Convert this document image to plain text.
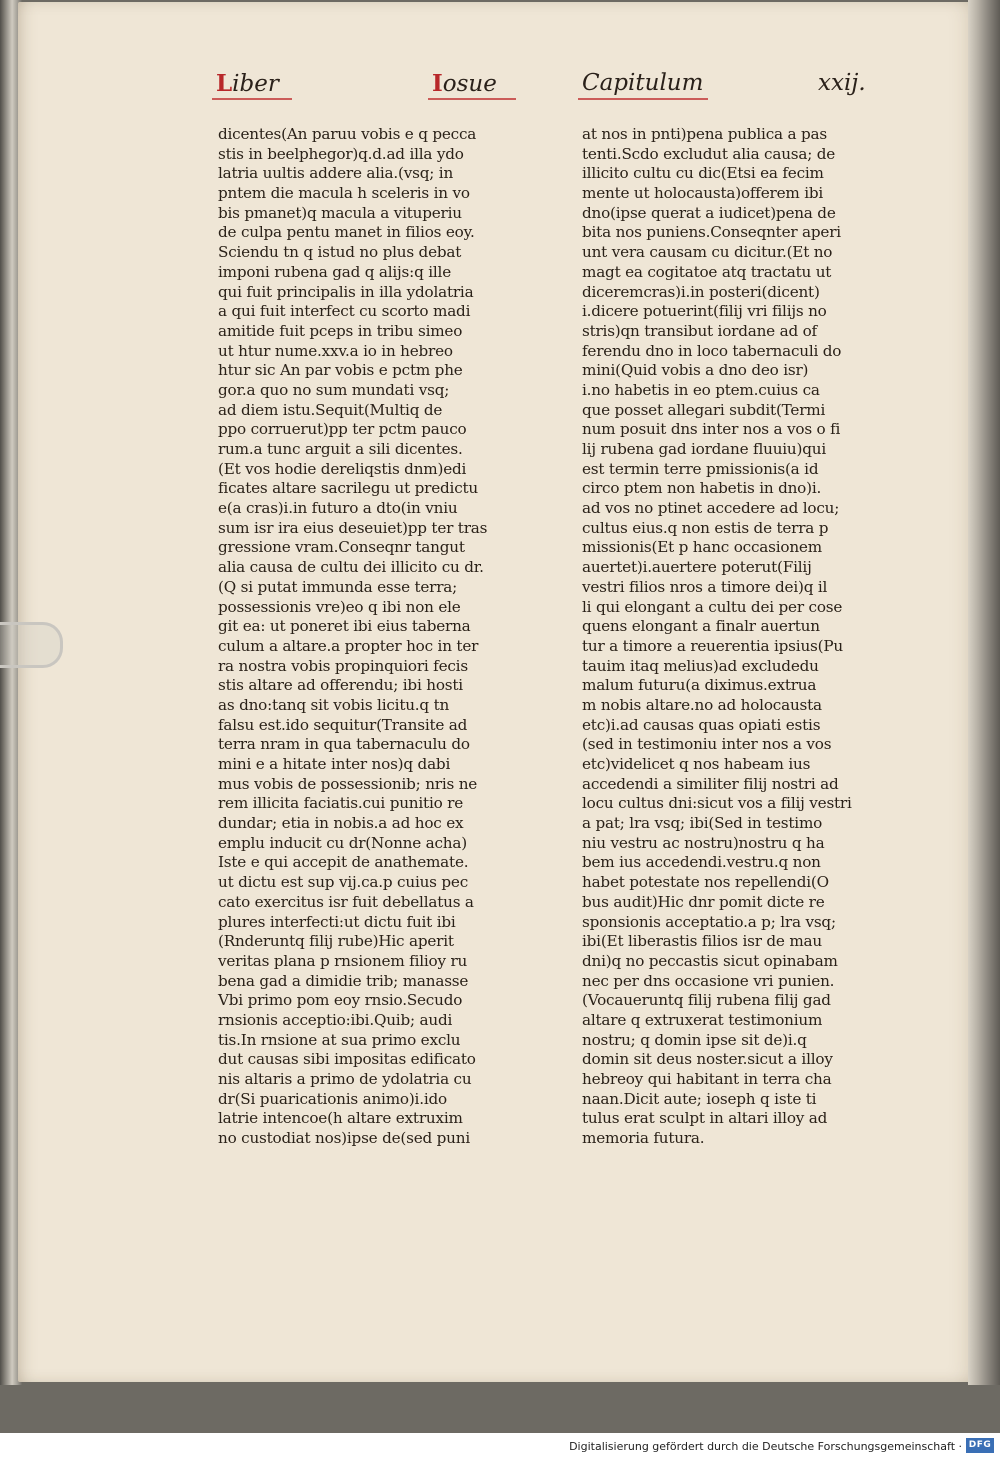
Liber	Iosue	Capitulum	xxij.
dicentes(An paruu vobis e q pecca
stis in beelphegor)q.d.ad illa ydo
latria uultis addere alia.(vsq; in
pntem die macula h sceleris in vo
bis pmanet)q macula a vituperiu
de culpa pentu manet in filios eoy.
Sciendu tn q istud no plus debat
imponi rubena gad q alijs:q ille
qui fuit principalis in illa ydolatria
a qui fuit interfect cu scorto madi
amitide fuit pceps in tribu simeo
ut htur nume.xxv.a io in hebreo
htur sic An par vobis e pctm phe
gor.a quo no sum mundati vsq;
ad diem istu.Sequit(Multiq de
ppo corruerut)pp ter pctm pauco
rum.a tunc arguit a sili dicentes.
(Et vos hodie dereliqstis dnm)edi
ficates altare sacrilegu ut predictu
e(a cras)i.in futuro a dto(in vniu
sum isr ira eius deseuiet)pp ter tras
gressione vram.Conseqnr tangut
alia causa de cultu dei illicito cu dr.
(Q si putat immunda esse terra;
possessionis vre)eo q ibi non ele
git ea: ut poneret ibi eius taberna
culum a altare.a propter hoc in ter
ra nostra vobis propinquiori fecis
stis altare ad offerendu; ibi hosti
as dno:tanq sit vobis licitu.q tn
falsu est.ido sequitur(Transite ad
terra nram in qua tabernaculu do
mini e a hitate inter nos)q dabi
mus vobis de possessionib; nris ne
rem illicita faciatis.cui punitio re
dundar; etia in nobis.a ad hoc ex
emplu inducit cu dr(Nonne acha)
Iste e qui accepit de anathemate.
ut dictu est sup vij.ca.p cuius pec
cato exercitus isr fuit debellatus a
plures interfecti:ut dictu fuit ibi
(Rnderuntq filij rube)Hic aperit
veritas plana p rnsionem filioy ru
bena gad a dimidie trib; manasse
Vbi primo pom eoy rnsio.Secudo
rnsionis acceptio:ibi.Quib; audi
tis.In rnsione at sua primo exclu
dut causas sibi impositas edificato
nis altaris a primo de ydolatria cu
dr(Si puaricationis animo)i.ido
latrie intencoe(h altare extruxim
no custodiat nos)ipse de(sed puni
at nos in pnti)pena publica a pas
tenti.Scdo excludut alia causa; de
illicito cultu cu dic(Etsi ea fecim
mente ut holocausta)offerem ibi
dno(ipse querat a iudicet)pena de
bita nos puniens.Conseqnter aperi
unt vera causam cu dicitur.(Et no
magt ea cogitatoe atq tractatu ut
diceremcras)i.in posteri(dicent)
i.dicere potuerint(filij vri filijs no
stris)qn transibut iordane ad of
ferendu dno in loco tabernaculi do
mini(Quid vobis a dno deo isr)
i.no habetis in eo ptem.cuius ca
que posset allegari subdit(Termi
num posuit dns inter nos a vos o fi
lij rubena gad iordane fluuiu)qui
est termin terre pmissionis(a id
circo ptem non habetis in dno)i.
ad vos no ptinet accedere ad locu;
cultus eius.q non estis de terra p
missionis(Et p hanc occasionem
auertet)i.auertere poterut(Filij
vestri filios nros a timore dei)q il
li qui elongant a cultu dei per cose
quens elongant a finalr auertun
tur a timore a reuerentia ipsius(Pu
tauim itaq melius)ad excludedu
malum futuru(a diximus.extrua
m nobis altare.no ad holocausta
etc)i.ad causas quas opiati estis
(sed in testimoniu inter nos a vos
etc)videlicet q nos habeam ius
accedendi a similiter filij nostri ad
locu cultus dni:sicut vos a filij vestri
a pat; lra vsq; ibi(Sed in testimo
niu vestru ac nostru)nostru q ha
bem ius accedendi.vestru.q non
habet potestate nos repellendi(O
bus audit)Hic dnr pomit dicte re
sponsionis acceptatio.a p; lra vsq;
ibi(Et liberastis filios isr de mau
dni)q no peccastis sicut opinabam
nec per dns occasione vri punien.
(Vocaueruntq filij rubena filij gad
altare q extruxerat testimonium
nostru; q domin ipse sit de)i.q
domin sit deus noster.sicut a illoy
hebreoy qui habitant in terra cha
naan.Dicit aute; ioseph q iste ti
tulus erat sculpt in altari illoy ad
memoria futura.
Digitalisierung gefördert durch die Deutsche Forschungsgemeinschaft · DFG
